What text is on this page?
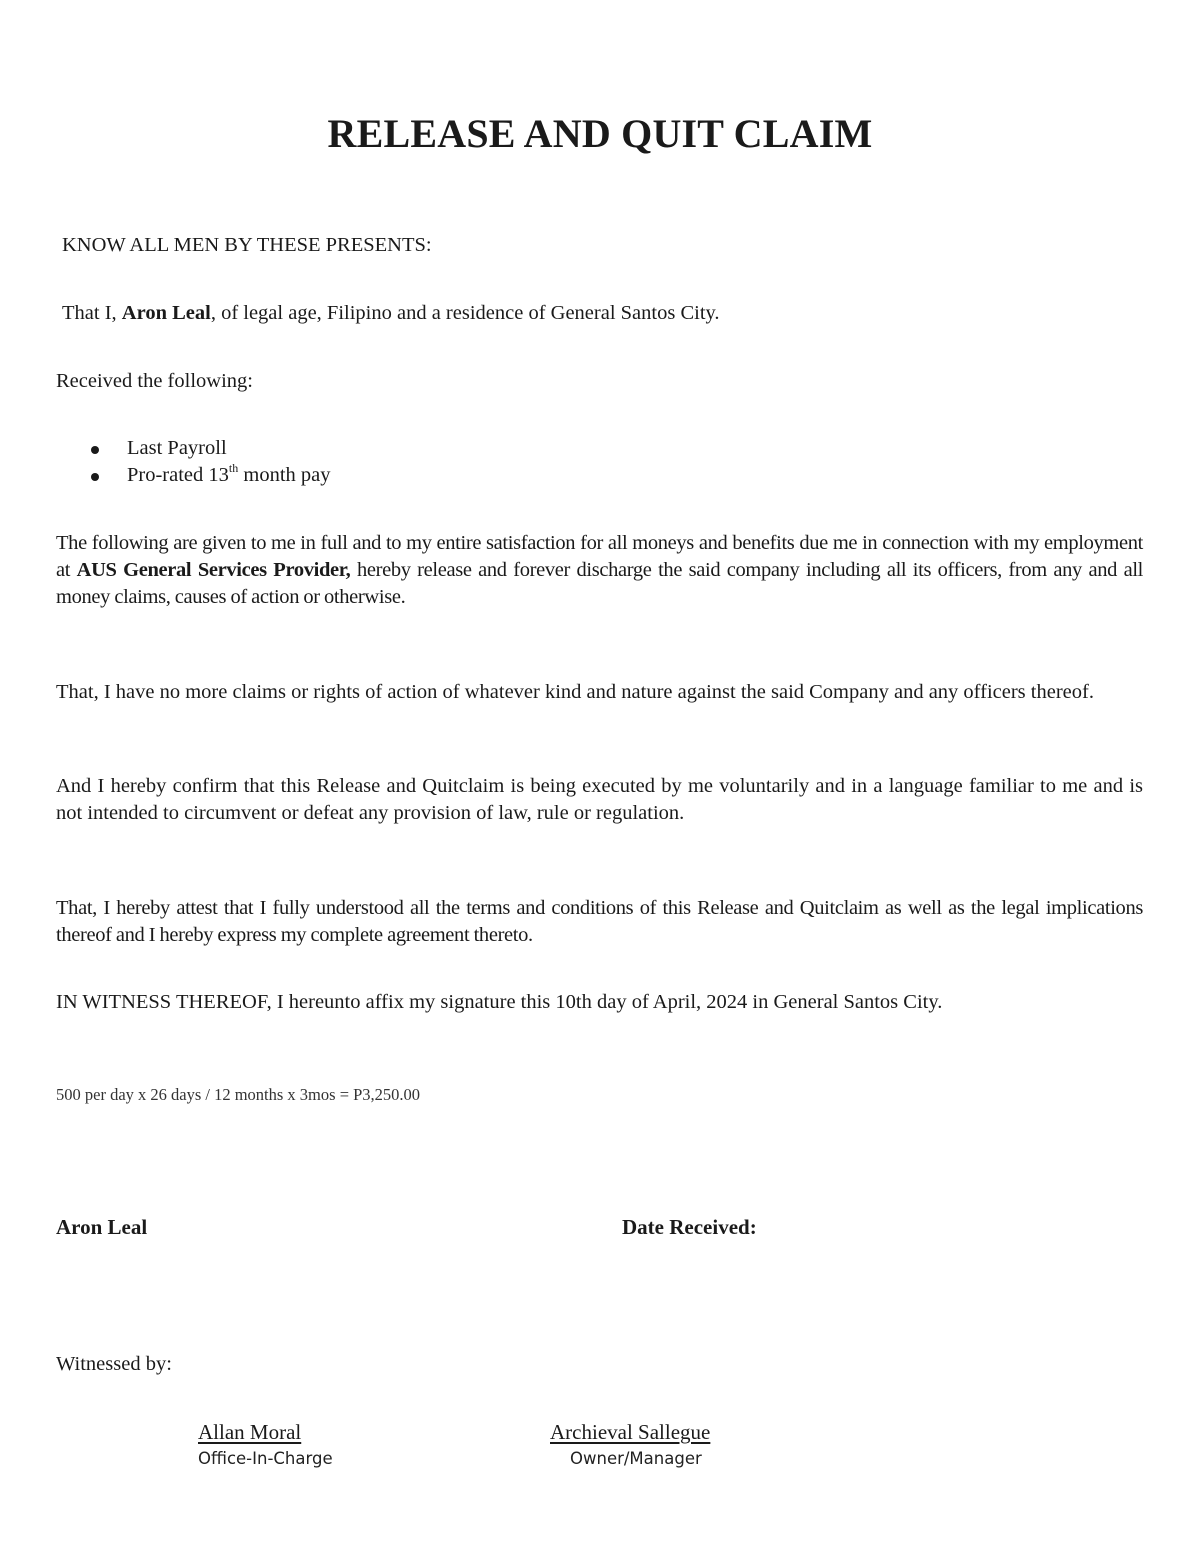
RELEASE AND QUIT CLAIM

KNOW ALL MEN BY THESE PRESENTS:

That I, Aron Leal, of legal age, Filipino and a residence of General Santos City.

Received the following:

Last Payroll
Pro-rated 13th month pay

The following are given to me in full and to my entire satisfaction for all moneys and benefits due me in connection with my employment at AUS General Services Provider, hereby release and forever discharge the said company including all its officers, from any and all money claims, causes of action or otherwise.

That, I have no more claims or rights of action of whatever kind and nature against the said Company and any officers thereof.

And I hereby confirm that this Release and Quitclaim is being executed by me voluntarily and in a language familiar to me and is not intended to circumvent or defeat any provision of law, rule or regulation.

That, I hereby attest that I fully understood all the terms and conditions of this Release and Quitclaim as well as the legal implications thereof and I hereby express my complete agreement thereto.

IN WITNESS THEREOF, I hereunto affix my signature this 10th day of April, 2024 in General Santos City.

500 per day x 26 days / 12 months x 3mos = P3,250.00

Aron Leal	Date Received:

Witnessed by:

Allan Moral

Office-In-Charge

Archieval Sallegue

Owner/Manager
